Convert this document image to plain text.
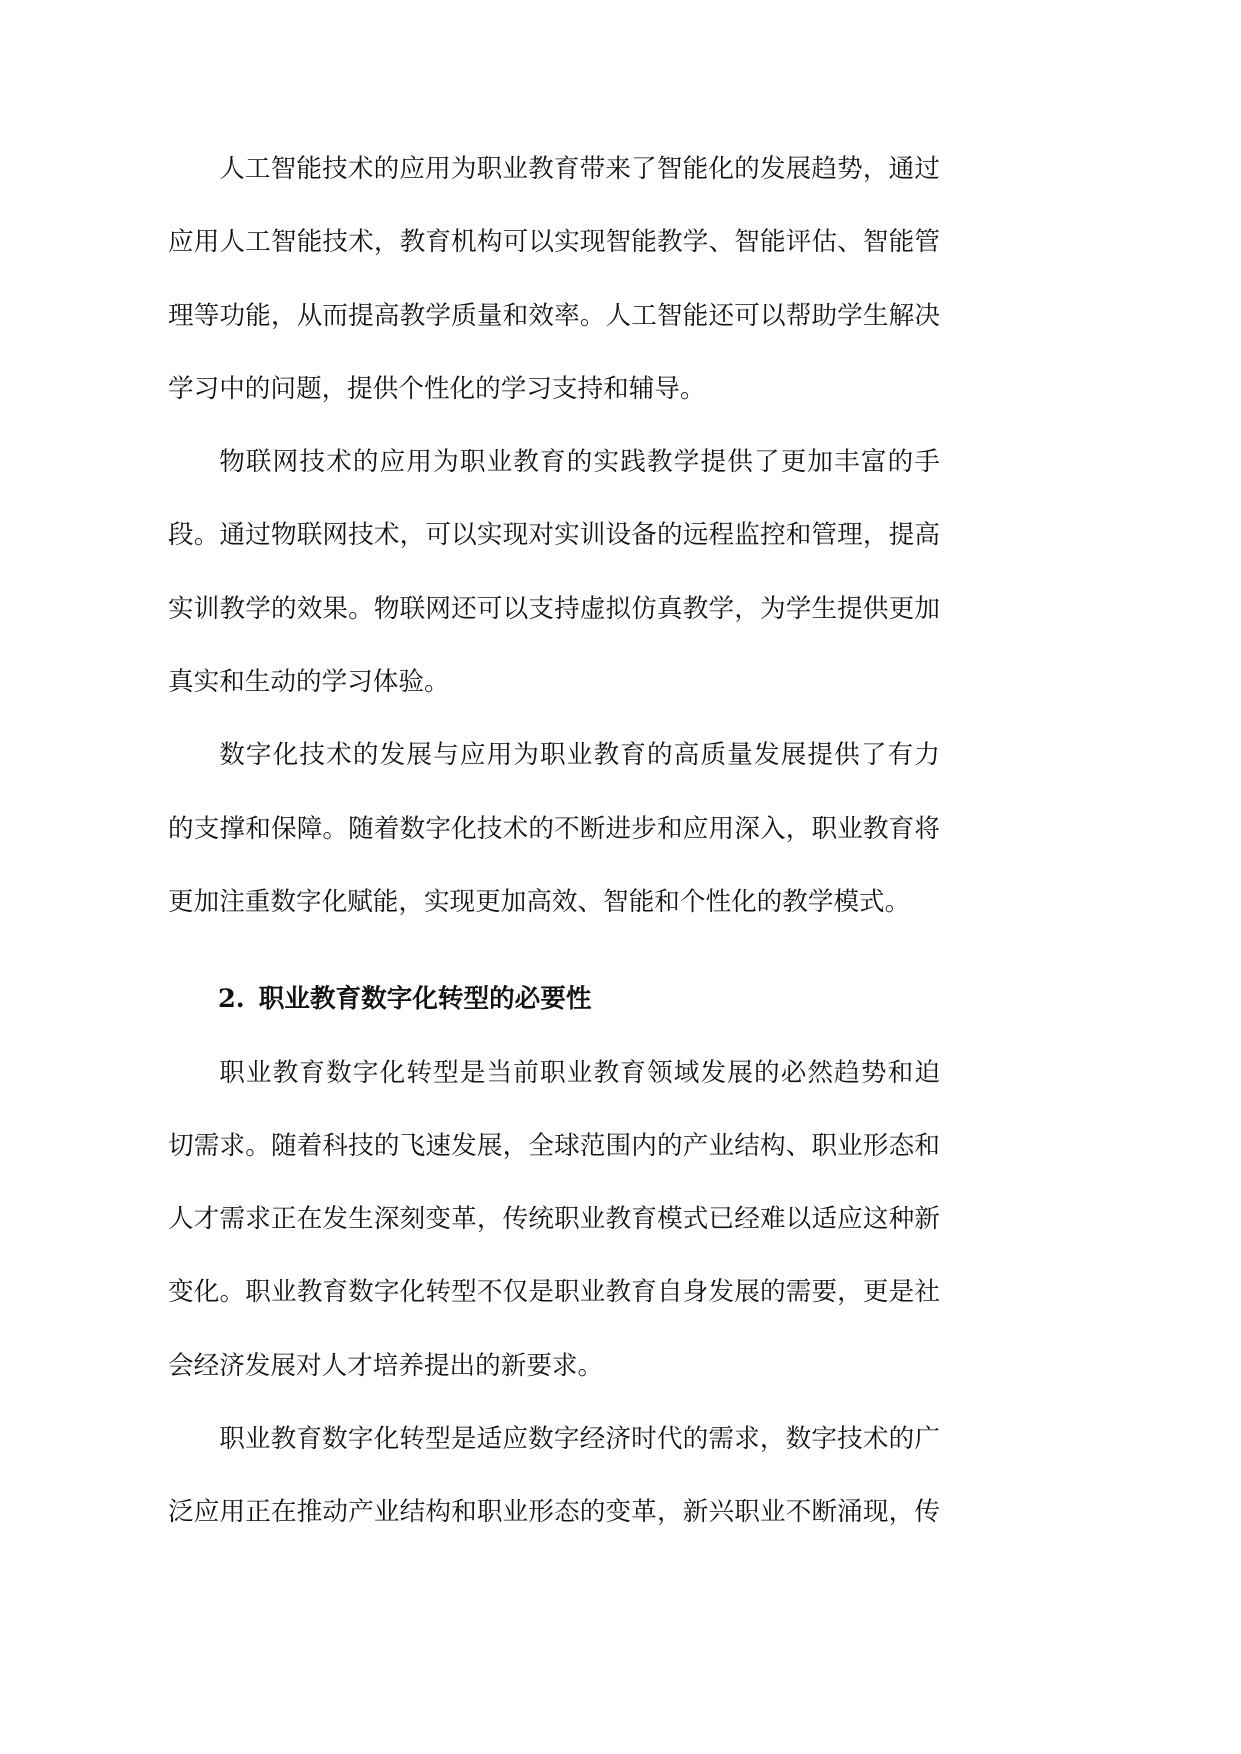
人工智能技术的应用为职业教育带来了智能化的发展趋势，通过
应用人工智能技术，教育机构可以实现智能教学、智能评估、智能管
理等功能，从而提高教学质量和效率。人工智能还可以帮助学生解决
学习中的问题，提供个性化的学习支持和辅导。
物联网技术的应用为职业教育的实践教学提供了更加丰富的手
段。通过物联网技术，可以实现对实训设备的远程监控和管理，提高
实训教学的效果。物联网还可以支持虚拟仿真教学，为学生提供更加
真实和生动的学习体验。
数字化技术的发展与应用为职业教育的高质量发展提供了有力
的支撑和保障。随着数字化技术的不断进步和应用深入，职业教育将
更加注重数字化赋能，实现更加高效、智能和个性化的教学模式。
2. 职业教育数字化转型的必要性
职业教育数字化转型是当前职业教育领域发展的必然趋势和迫
切需求。随着科技的飞速发展，全球范围内的产业结构、职业形态和
人才需求正在发生深刻变革，传统职业教育模式已经难以适应这种新
变化。职业教育数字化转型不仅是职业教育自身发展的需要，更是社
会经济发展对人才培养提出的新要求。
职业教育数字化转型是适应数字经济时代的需求，数字技术的广
泛应用正在推动产业结构和职业形态的变革，新兴职业不断涌现，传
